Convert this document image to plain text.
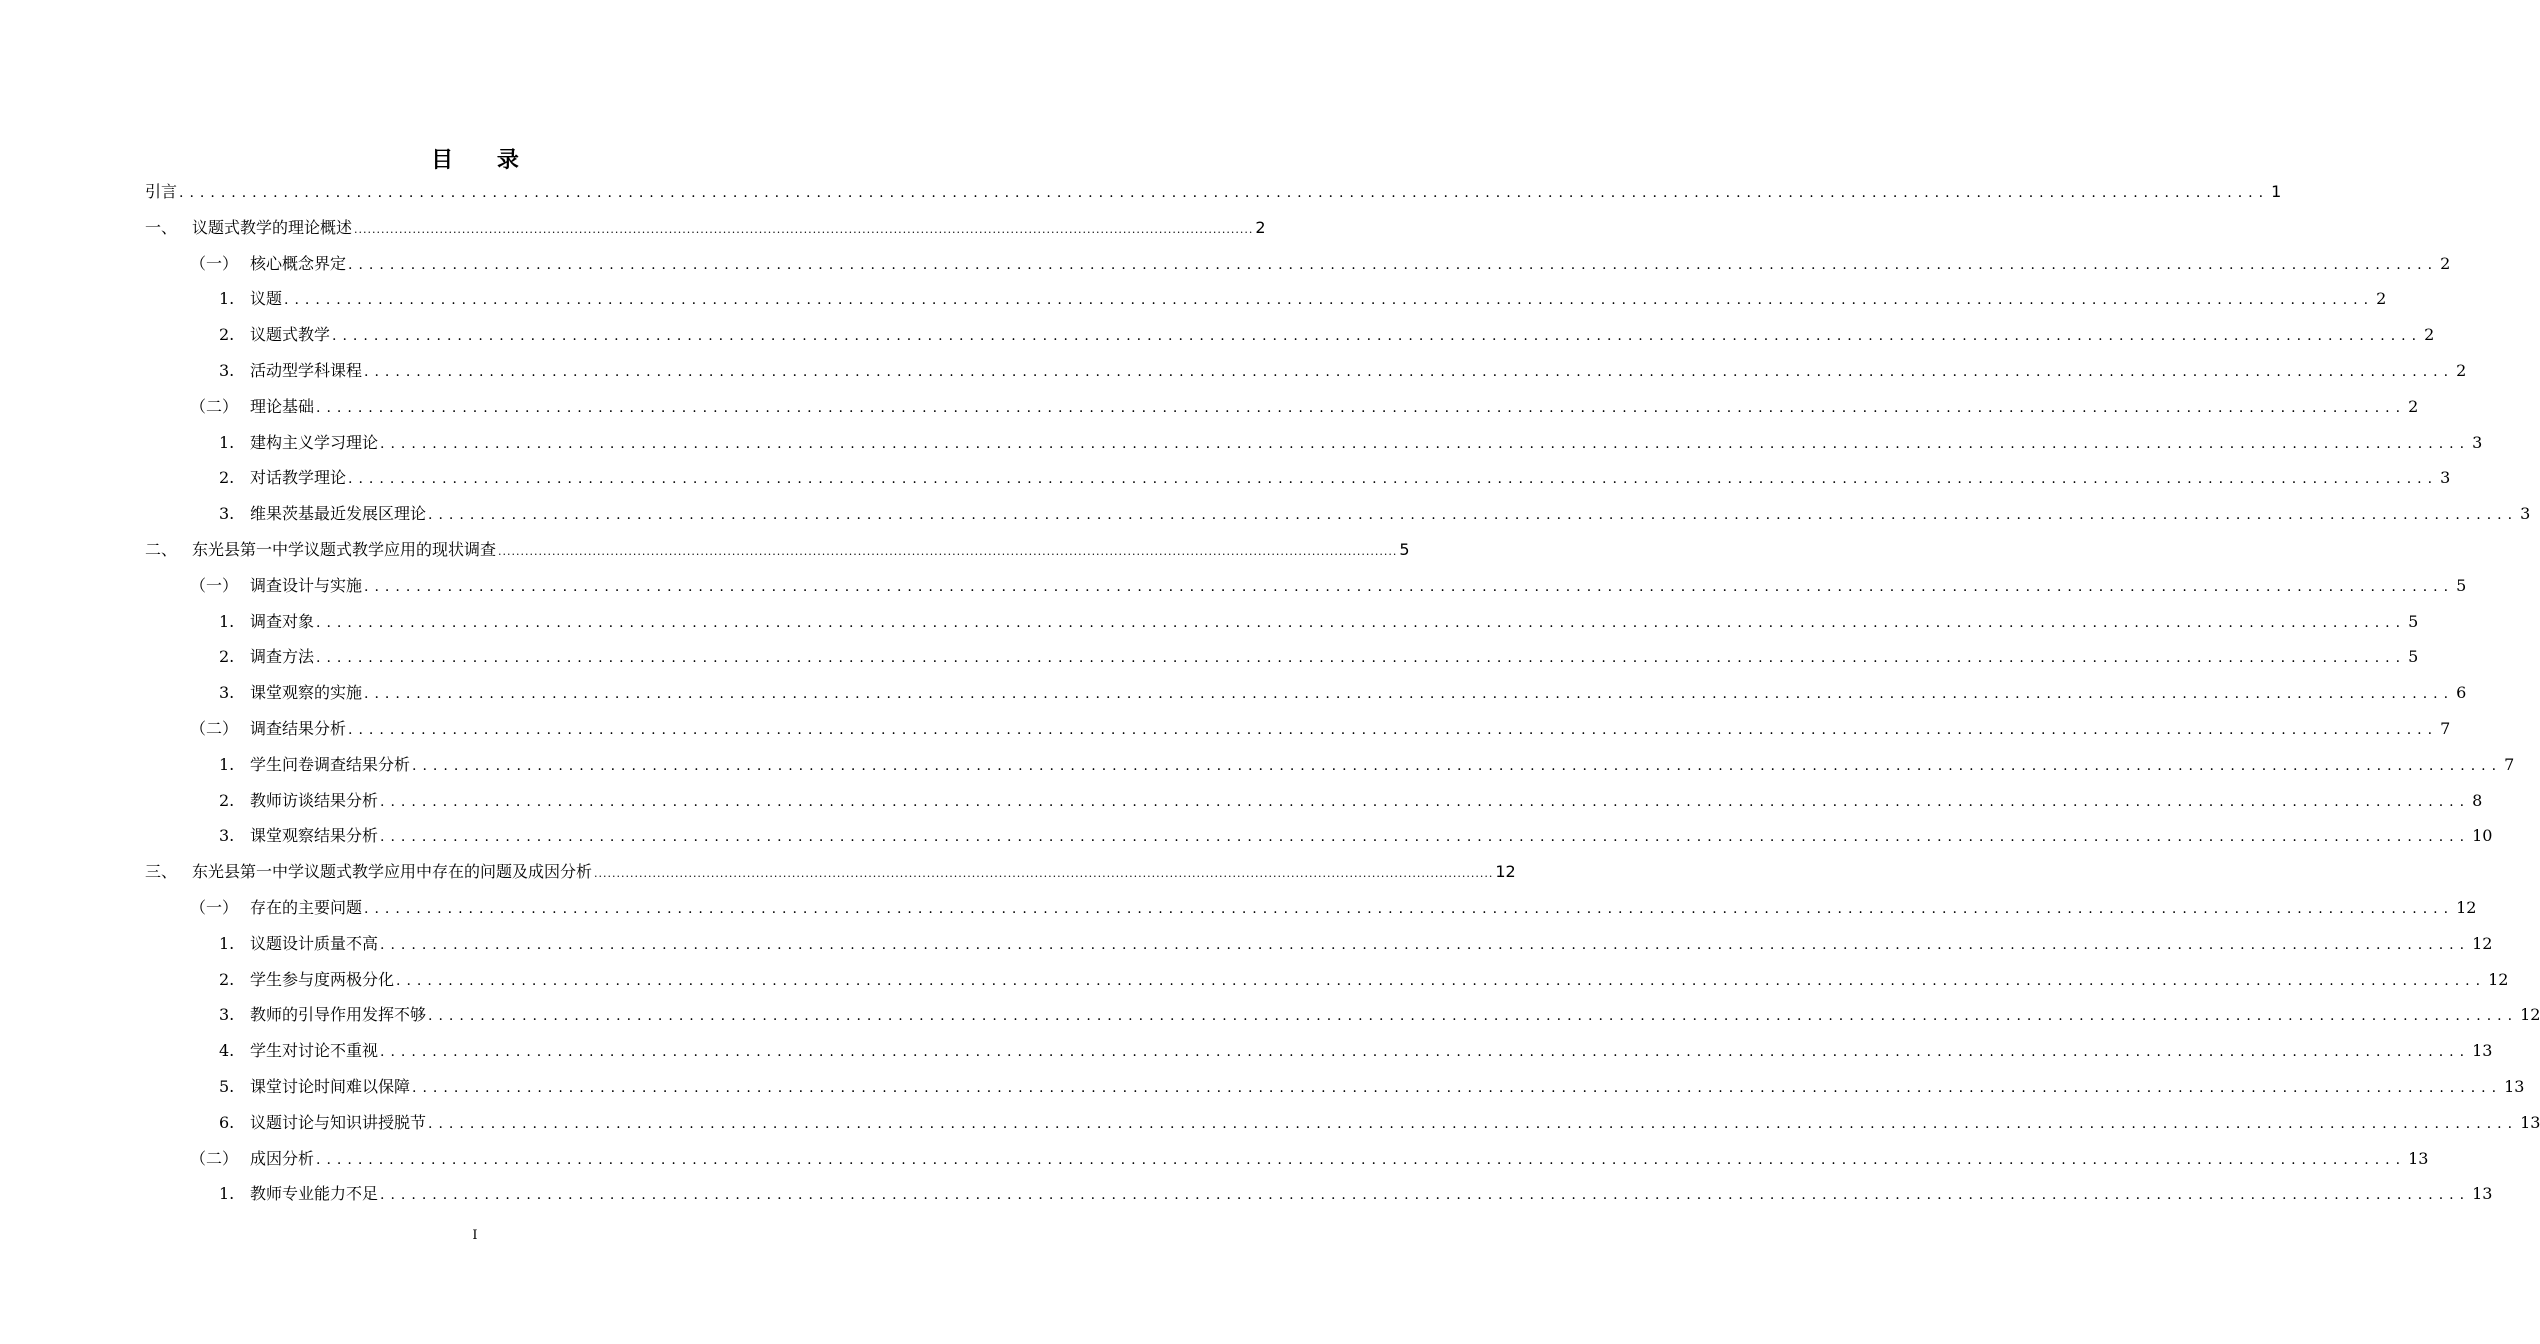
目 录
引言 ........................................................................................................................................................................................................ 1
一、 议题式教学的理论概述 ........................................................................................................................................................................................................ 2
（一） 核心概念界定 ........................................................................................................................................................................................................ 2
1. 议题 ........................................................................................................................................................................................................ 2
2. 议题式教学 ........................................................................................................................................................................................................ 2
3. 活动型学科课程 ........................................................................................................................................................................................................ 2
（二） 理论基础 ........................................................................................................................................................................................................ 2
1. 建构主义学习理论 ........................................................................................................................................................................................................ 3
2. 对话教学理论 ........................................................................................................................................................................................................ 3
3. 维果茨基最近发展区理论 ........................................................................................................................................................................................................ 3
二、 东光县第一中学议题式教学应用的现状调查 ........................................................................................................................................................................................................ 5
（一） 调查设计与实施 ........................................................................................................................................................................................................ 5
1. 调查对象 ........................................................................................................................................................................................................ 5
2. 调查方法 ........................................................................................................................................................................................................ 5
3. 课堂观察的实施 ........................................................................................................................................................................................................ 6
（二） 调查结果分析 ........................................................................................................................................................................................................ 7
1. 学生问卷调查结果分析 ........................................................................................................................................................................................................ 7
2. 教师访谈结果分析 ........................................................................................................................................................................................................ 8
3. 课堂观察结果分析 ........................................................................................................................................................................................................ 10
三、 东光县第一中学议题式教学应用中存在的问题及成因分析 ........................................................................................................................................................................................................ 12
（一） 存在的主要问题 ........................................................................................................................................................................................................ 12
1. 议题设计质量不高 ........................................................................................................................................................................................................ 12
2. 学生参与度两极分化 ........................................................................................................................................................................................................ 12
3. 教师的引导作用发挥不够 ........................................................................................................................................................................................................ 12
4. 学生对讨论不重视 ........................................................................................................................................................................................................ 13
5. 课堂讨论时间难以保障 ........................................................................................................................................................................................................ 13
6. 议题讨论与知识讲授脱节 ........................................................................................................................................................................................................ 13
（二） 成因分析 ........................................................................................................................................................................................................ 13
1. 教师专业能力不足 ........................................................................................................................................................................................................ 13
I
